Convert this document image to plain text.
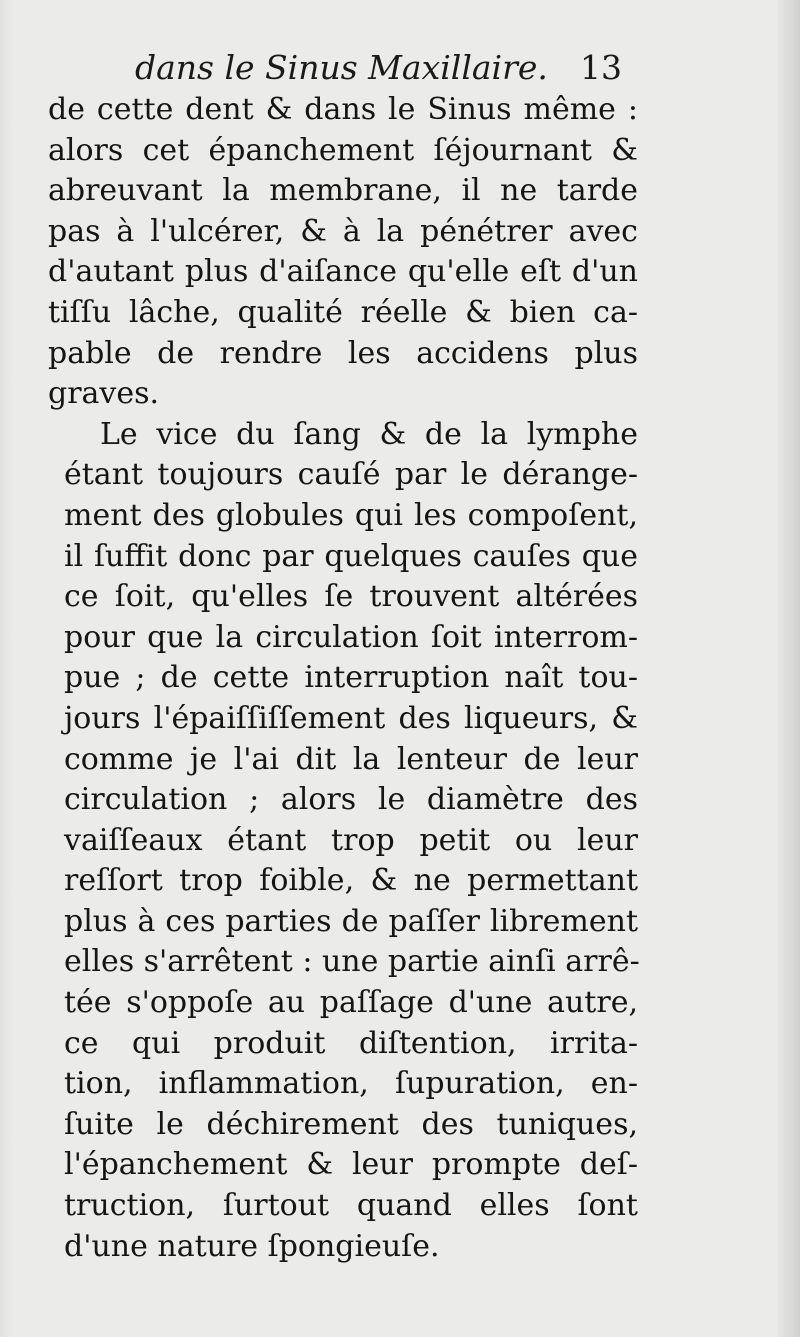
dans le Sinus Maxillaire. 13
de cette dent & dans le Sinus même :
alors cet épanchement ſéjournant &
abreuvant la membrane, il ne tarde
pas à l'ulcérer, & à la pénétrer avec
d'autant plus d'aiſance qu'elle eſt d'un
tiſſu lâche, qualité réelle & bien ca-
pable de rendre les accidens plus
graves.
Le vice du ſang & de la lymphe
étant toujours cauſé par le dérange-
ment des globules qui les compoſent,
il ſuffit donc par quelques cauſes que
ce ſoit, qu'elles ſe trouvent altérées
pour que la circulation ſoit interrom-
pue ; de cette interruption naît tou-
jours l'épaiſſiſſement des liqueurs, &
comme je l'ai dit la lenteur de leur
circulation ; alors le diamètre des
vaiſſeaux étant trop petit ou leur
reſſort trop foible, & ne permettant
plus à ces parties de paſſer librement
elles s'arrêtent : une partie ainſi arrê-
tée s'oppoſe au paſſage d'une autre,
ce qui produit diſtention, irrita-
tion, inflammation, ſupuration, en-
ſuite le déchirement des tuniques,
l'épanchement & leur prompte deſ-
truction, ſurtout quand elles ſont
d'une nature ſpongieuſe.
